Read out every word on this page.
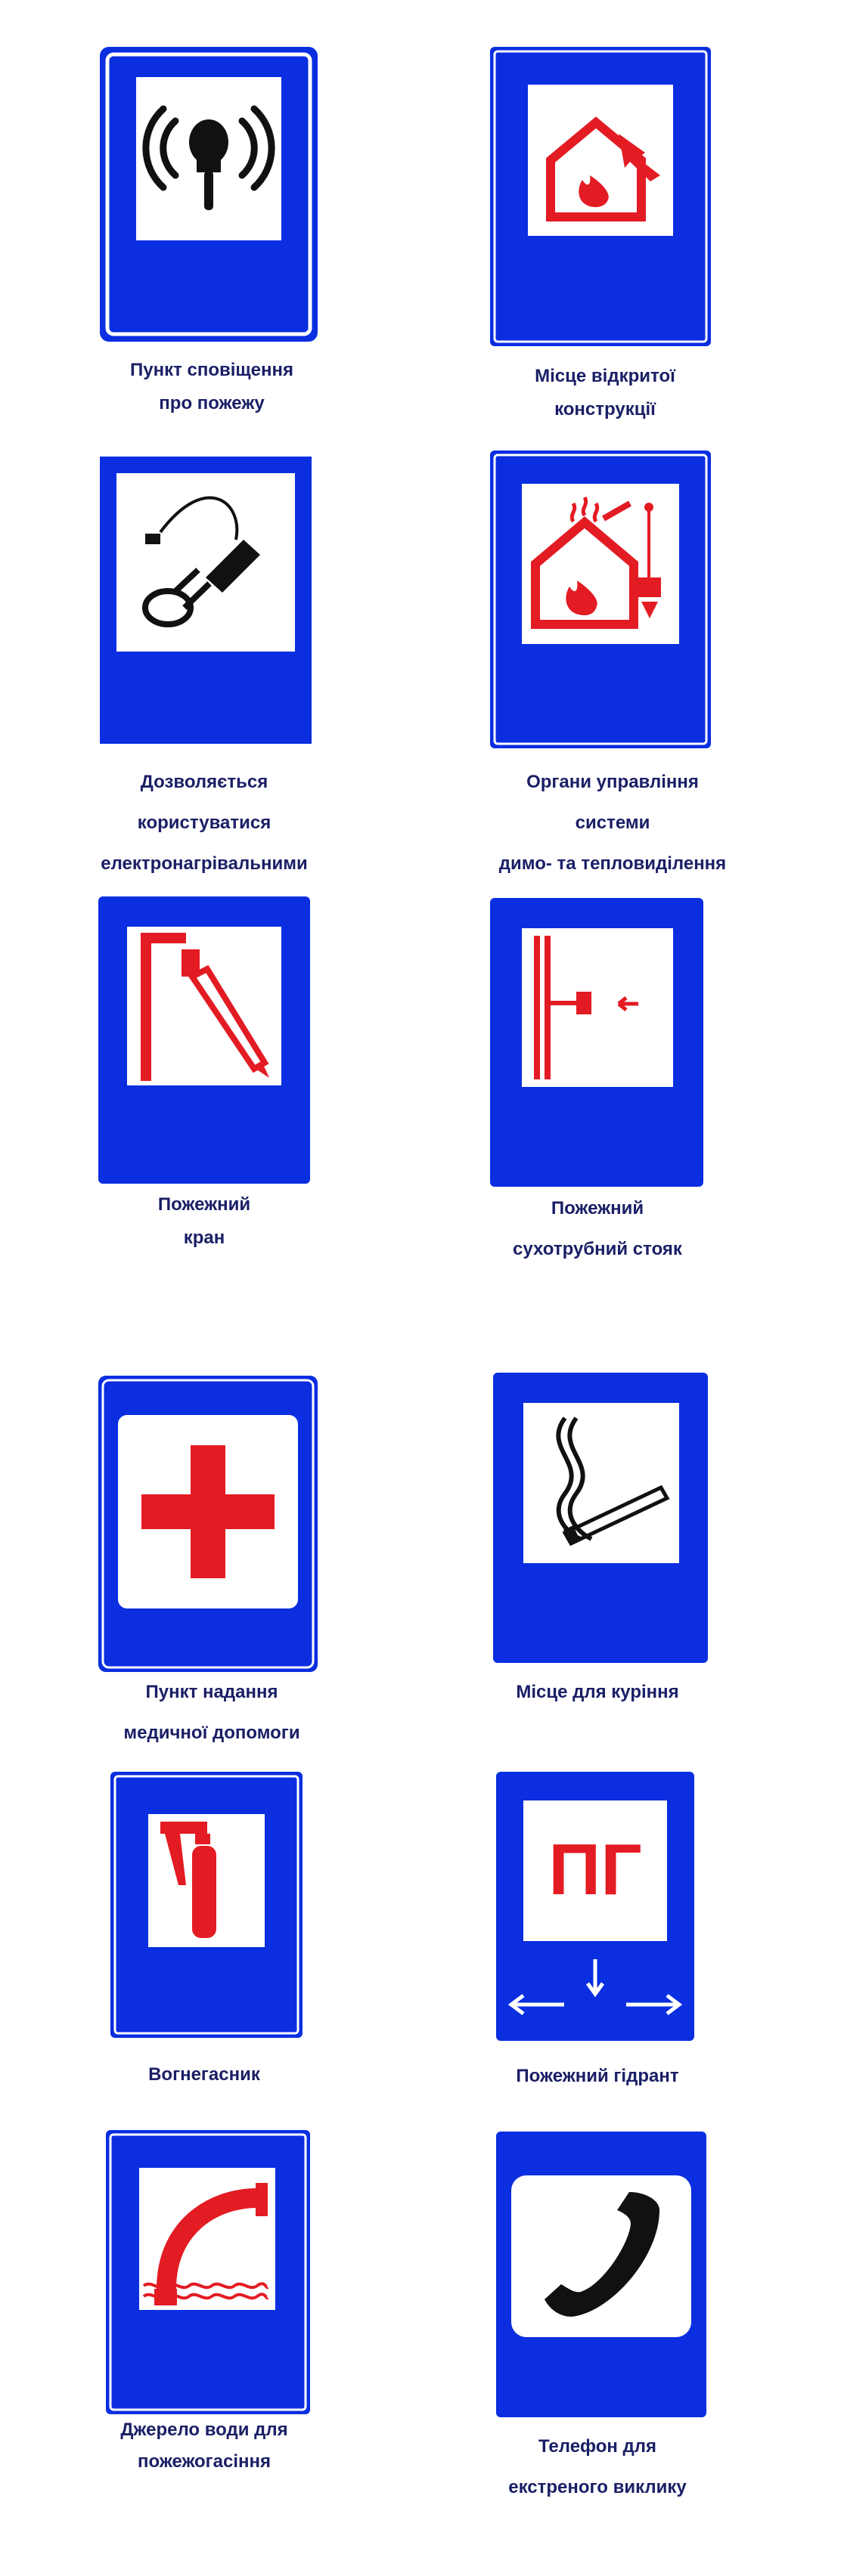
Пункт сповіщення
про пожежу
Місце відкритої
конструкції
Дозволяється
користуватися
електронагрівальними
Органи управління
системи
димо- та тепловиділення
Пожежний
кран
Пожежний
сухотрубний стояк
Пункт надання
медичної допомоги
Місце для куріння
Вогнегасник
ПГ
Пожежний гідрант
Джерело води для
пожежогасіння
Телефон для
екстреного виклику
